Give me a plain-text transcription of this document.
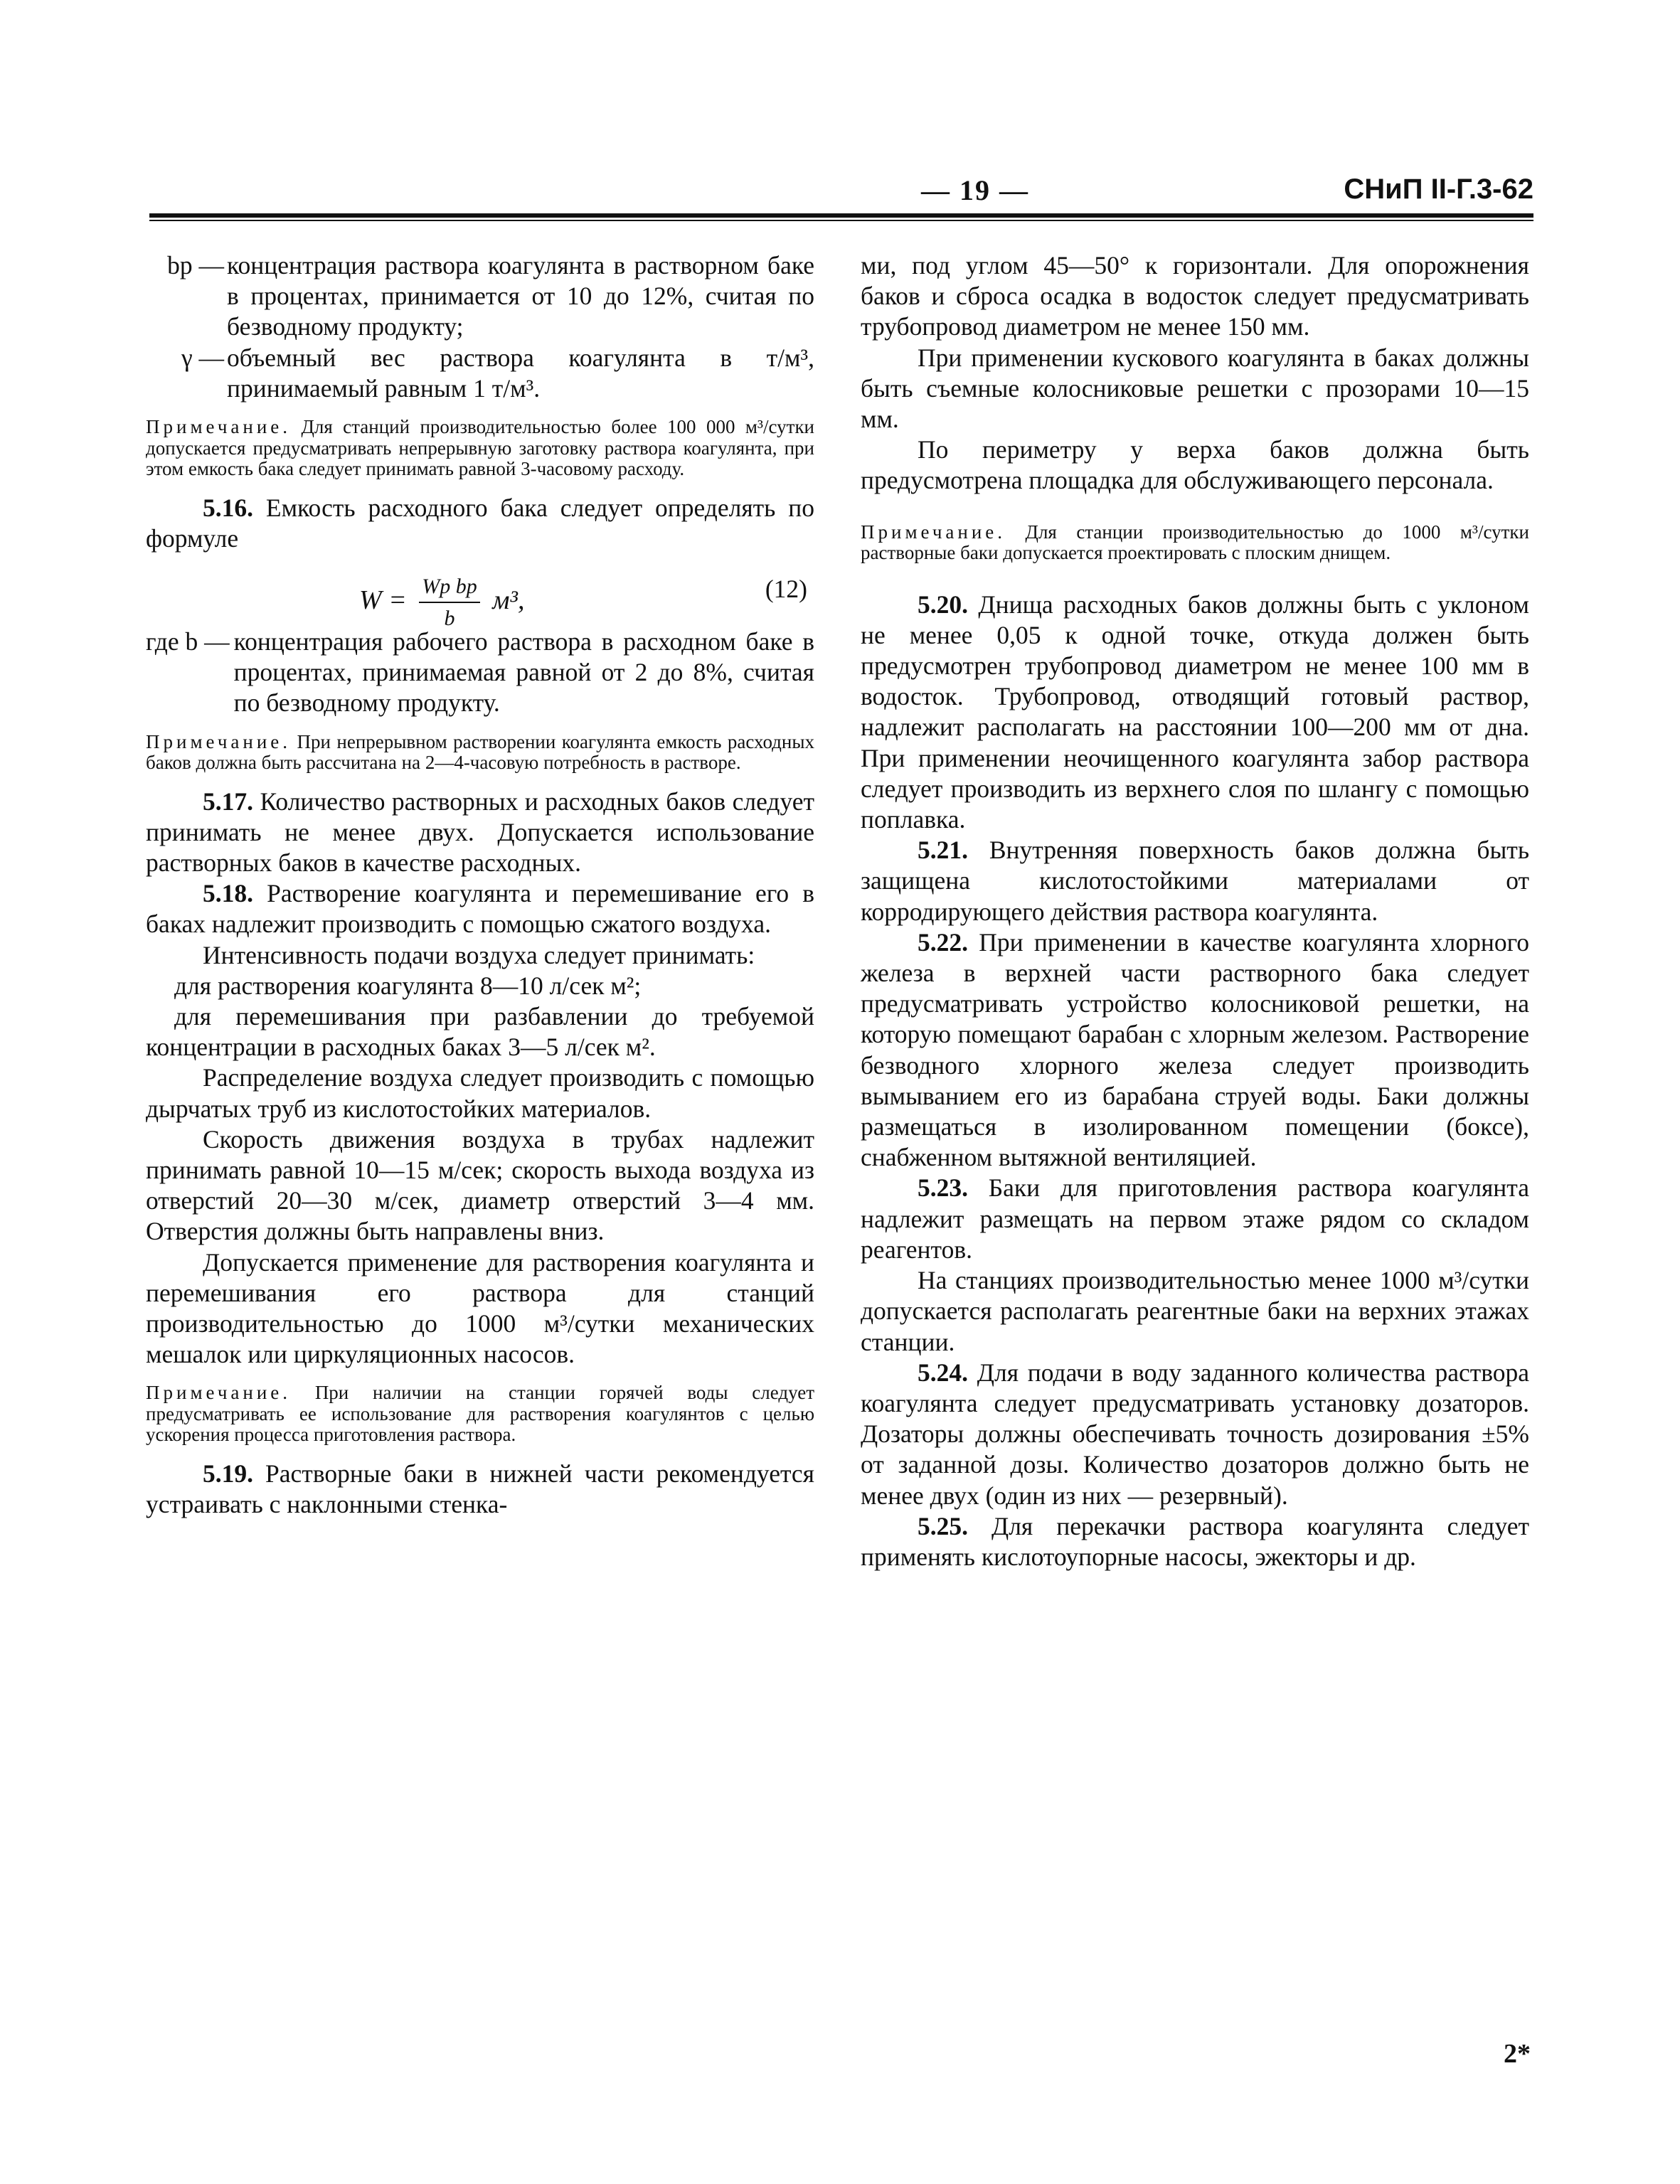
— 19 —	СНиП II-Г.3-62
bp — концентрация раствора коагулянта в растворном баке в процентах, принимается от 10 до 12%, считая по безводному продукту;
γ — объемный вес раствора коагулянта в т/м³, принимаемый равным 1 т/м³.

Примечание. Для станций производительностью более 100 000 м³/сутки допускается предусматривать непрерывную заготовку раствора коагулянта, при этом емкость бака следует принимать равной 3-часовому расходу.

5.16. Емкость расходного бака следует определять по формуле

$W = \frac{\text{Wp bp}}{b} м^3$,	(12)
где b — концентрация рабочего раствора в расходном баке в процентах, принимаемая равной от 2 до 8%, считая по безводному продукту.

Примечание. При непрерывном растворении коагулянта емкость расходных баков должна быть рассчитана на 2—4-часовую потребность в растворе.

5.17. Количество растворных и расходных баков следует принимать не менее двух. Допускается использование растворных баков в качестве расходных.

5.18. Растворение коагулянта и перемешивание его в баках надлежит производить с помощью сжатого воздуха.

Интенсивность подачи воздуха следует принимать:

для растворения коагулянта 8—10 л/сек м²;

для перемешивания при разбавлении до требуемой концентрации в расходных баках 3—5 л/сек м².

Распределение воздуха следует производить с помощью дырчатых труб из кислотостойких материалов.

Скорость движения воздуха в трубах надлежит принимать равной 10—15 м/сек; скорость выхода воздуха из отверстий 20—30 м/сек, диаметр отверстий 3—4 мм. Отверстия должны быть направлены вниз.

Допускается применение для растворения коагулянта и перемешивания его раствора для станций производительностью до 1000 м³/сутки механических мешалок или циркуляционных насосов.

Примечание. При наличии на станции горячей воды следует предусматривать ее использование для растворения коагулянтов с целью ускорения процесса приготовления раствора.

5.19. Растворные баки в нижней части рекомендуется устраивать с наклонными стенка-

ми, под углом 45—50° к горизонтали. Для опорожнения баков и сброса осадка в водосток следует предусматривать трубопровод диаметром не менее 150 мм.

При применении кускового коагулянта в баках должны быть съемные колосниковые решетки с прозорами 10—15 мм.

По периметру у верха баков должна быть предусмотрена площадка для обслуживающего персонала.

Примечание. Для станции производительностью до 1000 м³/сутки растворные баки допускается проектировать с плоским днищем.

5.20. Днища расходных баков должны быть с уклоном не менее 0,05 к одной точке, откуда должен быть предусмотрен трубопровод диаметром не менее 100 мм в водосток. Трубопровод, отводящий готовый раствор, надлежит располагать на расстоянии 100—200 мм от дна. При применении неочищенного коагулянта забор раствора следует производить из верхнего слоя по шлангу с помощью поплавка.

5.21. Внутренняя поверхность баков должна быть защищена кислотостойкими материалами от корродирующего действия раствора коагулянта.

5.22. При применении в качестве коагулянта хлорного железа в верхней части растворного бака следует предусматривать устройство колосниковой решетки, на которую помещают барабан с хлорным железом. Растворение безводного хлорного железа следует производить вымыванием его из барабана струей воды. Баки должны размещаться в изолированном помещении (боксе), снабженном вытяжной вентиляцией.

5.23. Баки для приготовления раствора коагулянта надлежит размещать на первом этаже рядом со складом реагентов.

На станциях производительностью менее 1000 м³/сутки допускается располагать реагентные баки на верхних этажах станции.

5.24. Для подачи в воду заданного количества раствора коагулянта следует предусматривать установку дозаторов. Дозаторы должны обеспечивать точность дозирования ±5% от заданной дозы. Количество дозаторов должно быть не менее двух (один из них — резервный).

5.25. Для перекачки раствора коагулянта следует применять кислотоупорные насосы, эжекторы и др.

2*
